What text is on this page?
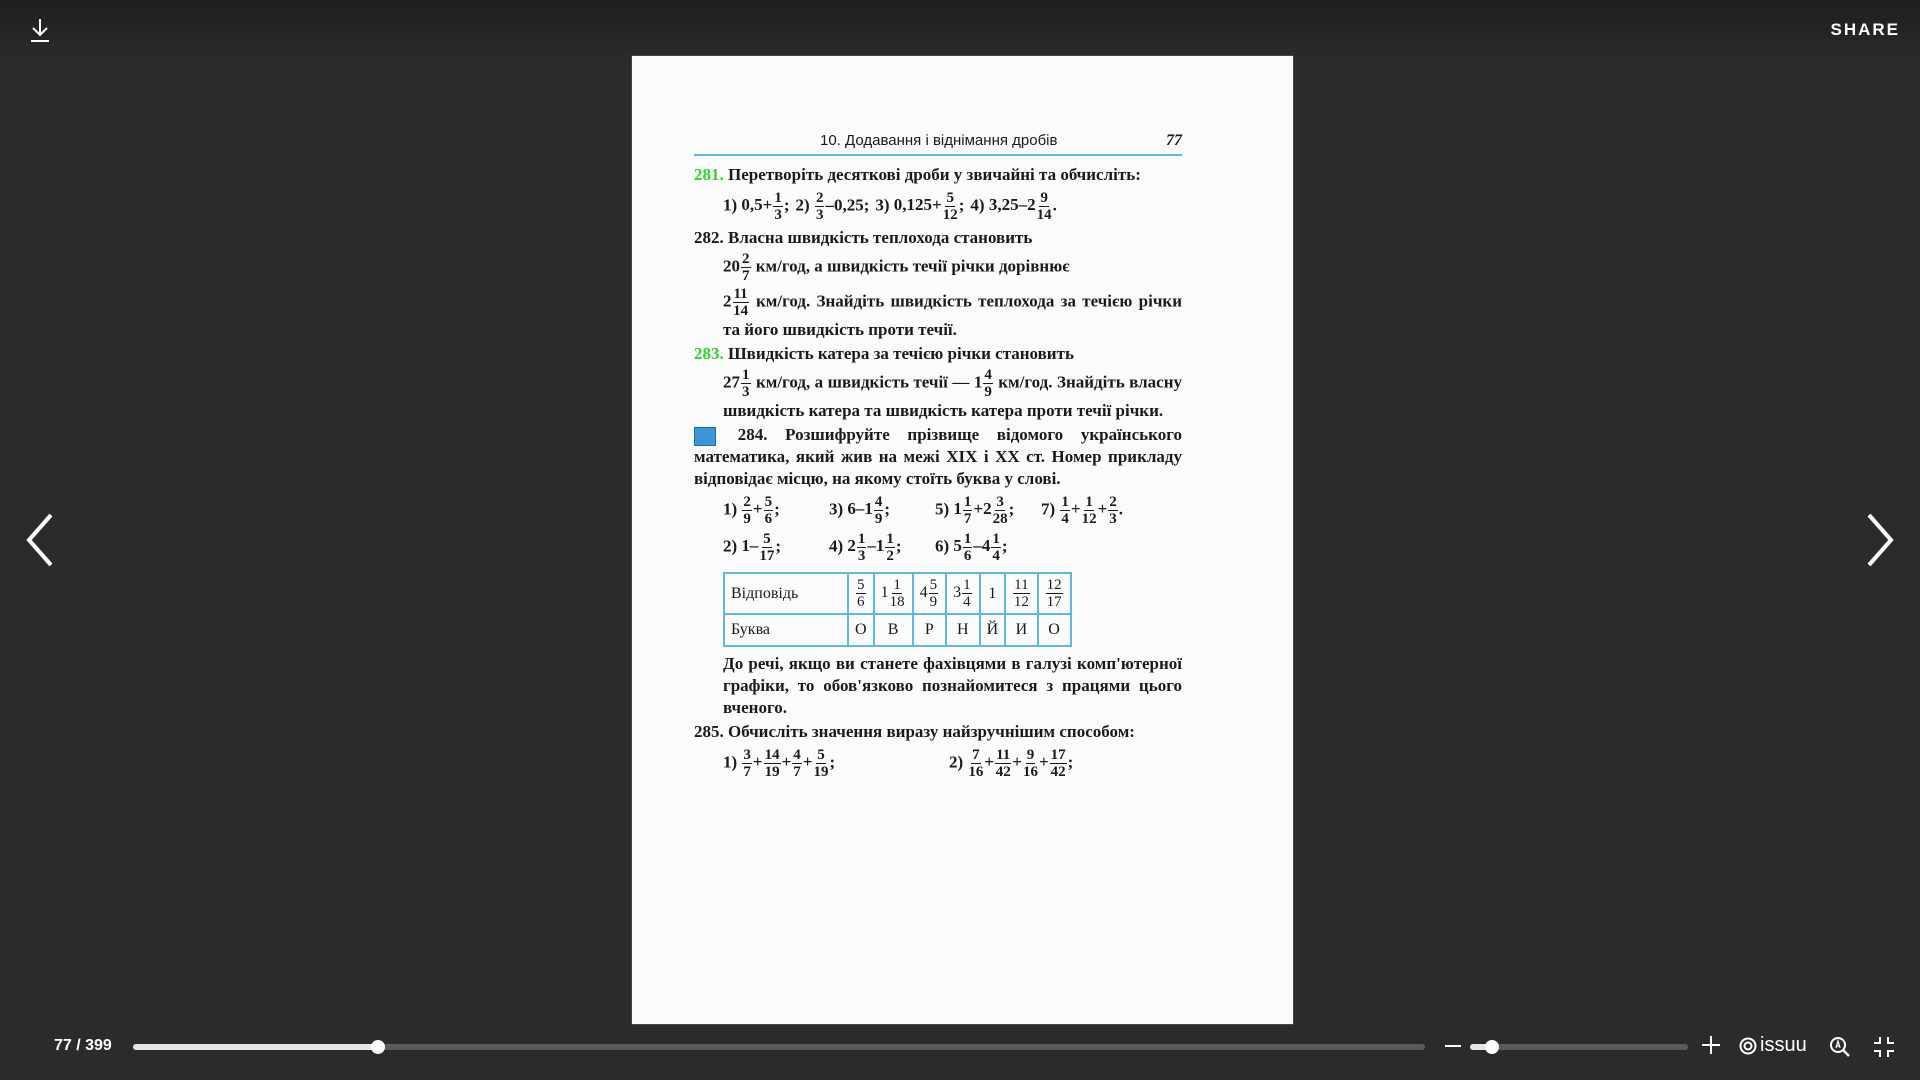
SHARE
10. Додавання і віднімання дробів	77
281. Перетворіть десяткові дроби у звичайні та обчисліть:
1) $0,5+ \frac{1}{3}$ ; $2) \frac{2}{3} -0,25$; 3) $0,125+ \frac{5}{12}$ ; 4) $3,25-2 \frac{9}{14}$ .
282. Власна швидкість теплохода становить
$20 \frac{2}{7} км/год$, а швидкість течії річки дорівнює
$2 \frac{11}{14} км/год$. Знайдіть швидкість теплохода за течією річки та його швидкість проти течії.
283. Швидкість катера за течією річки становить
$27 \frac{1}{3} км/год$, а швидкість течії — $1 \frac{4}{9} км/год$. Знайдіть власну швидкість катера та швидкість катера проти течії річки.
284. Розшифруйте прізвище відомого українського математика, який жив на межі XIX і XX ст. Номер прикладу відповідає місцю, на якому стоїть буква у слові.
$1) \frac{2}{9} + \frac{5}{6}$ ;	3) $6-1 \frac{4}{9}$ ;	5) $1 \frac{1}{7} +2 \frac{3}{28}$ ;	$7) \frac{1}{4} + \frac{1}{12} + \frac{2}{3}$ .
2) $1- \frac{5}{17}$ ;	4) $2 \frac{1}{3} -1 \frac{1}{2}$ ;	6) $5 \frac{1}{6} -4 \frac{1}{4}$ ;
Відповідь	$\frac{5}{6}$	$1 \frac{1}{18}$	$4 \frac{5}{9}$	$3 \frac{1}{4}$	1	$\frac{11}{12}$	$\frac{12}{17}$

Буква	О	В	Р	Н	Й	И	О
До речі, якщо ви станете фахівцями в галузі комп'ютерної графіки, то обов'язково познайомитеся з працями цього вченого.
285. Обчисліть значення виразу найзручнішим способом:
$1) \frac{3}{7} + \frac{14}{19} + \frac{4}{7} + \frac{5}{19}$ ;	$2) \frac{7}{16} + \frac{11}{42} + \frac{9}{16} + \frac{17}{42}$ ;
77 / 399	issuu
